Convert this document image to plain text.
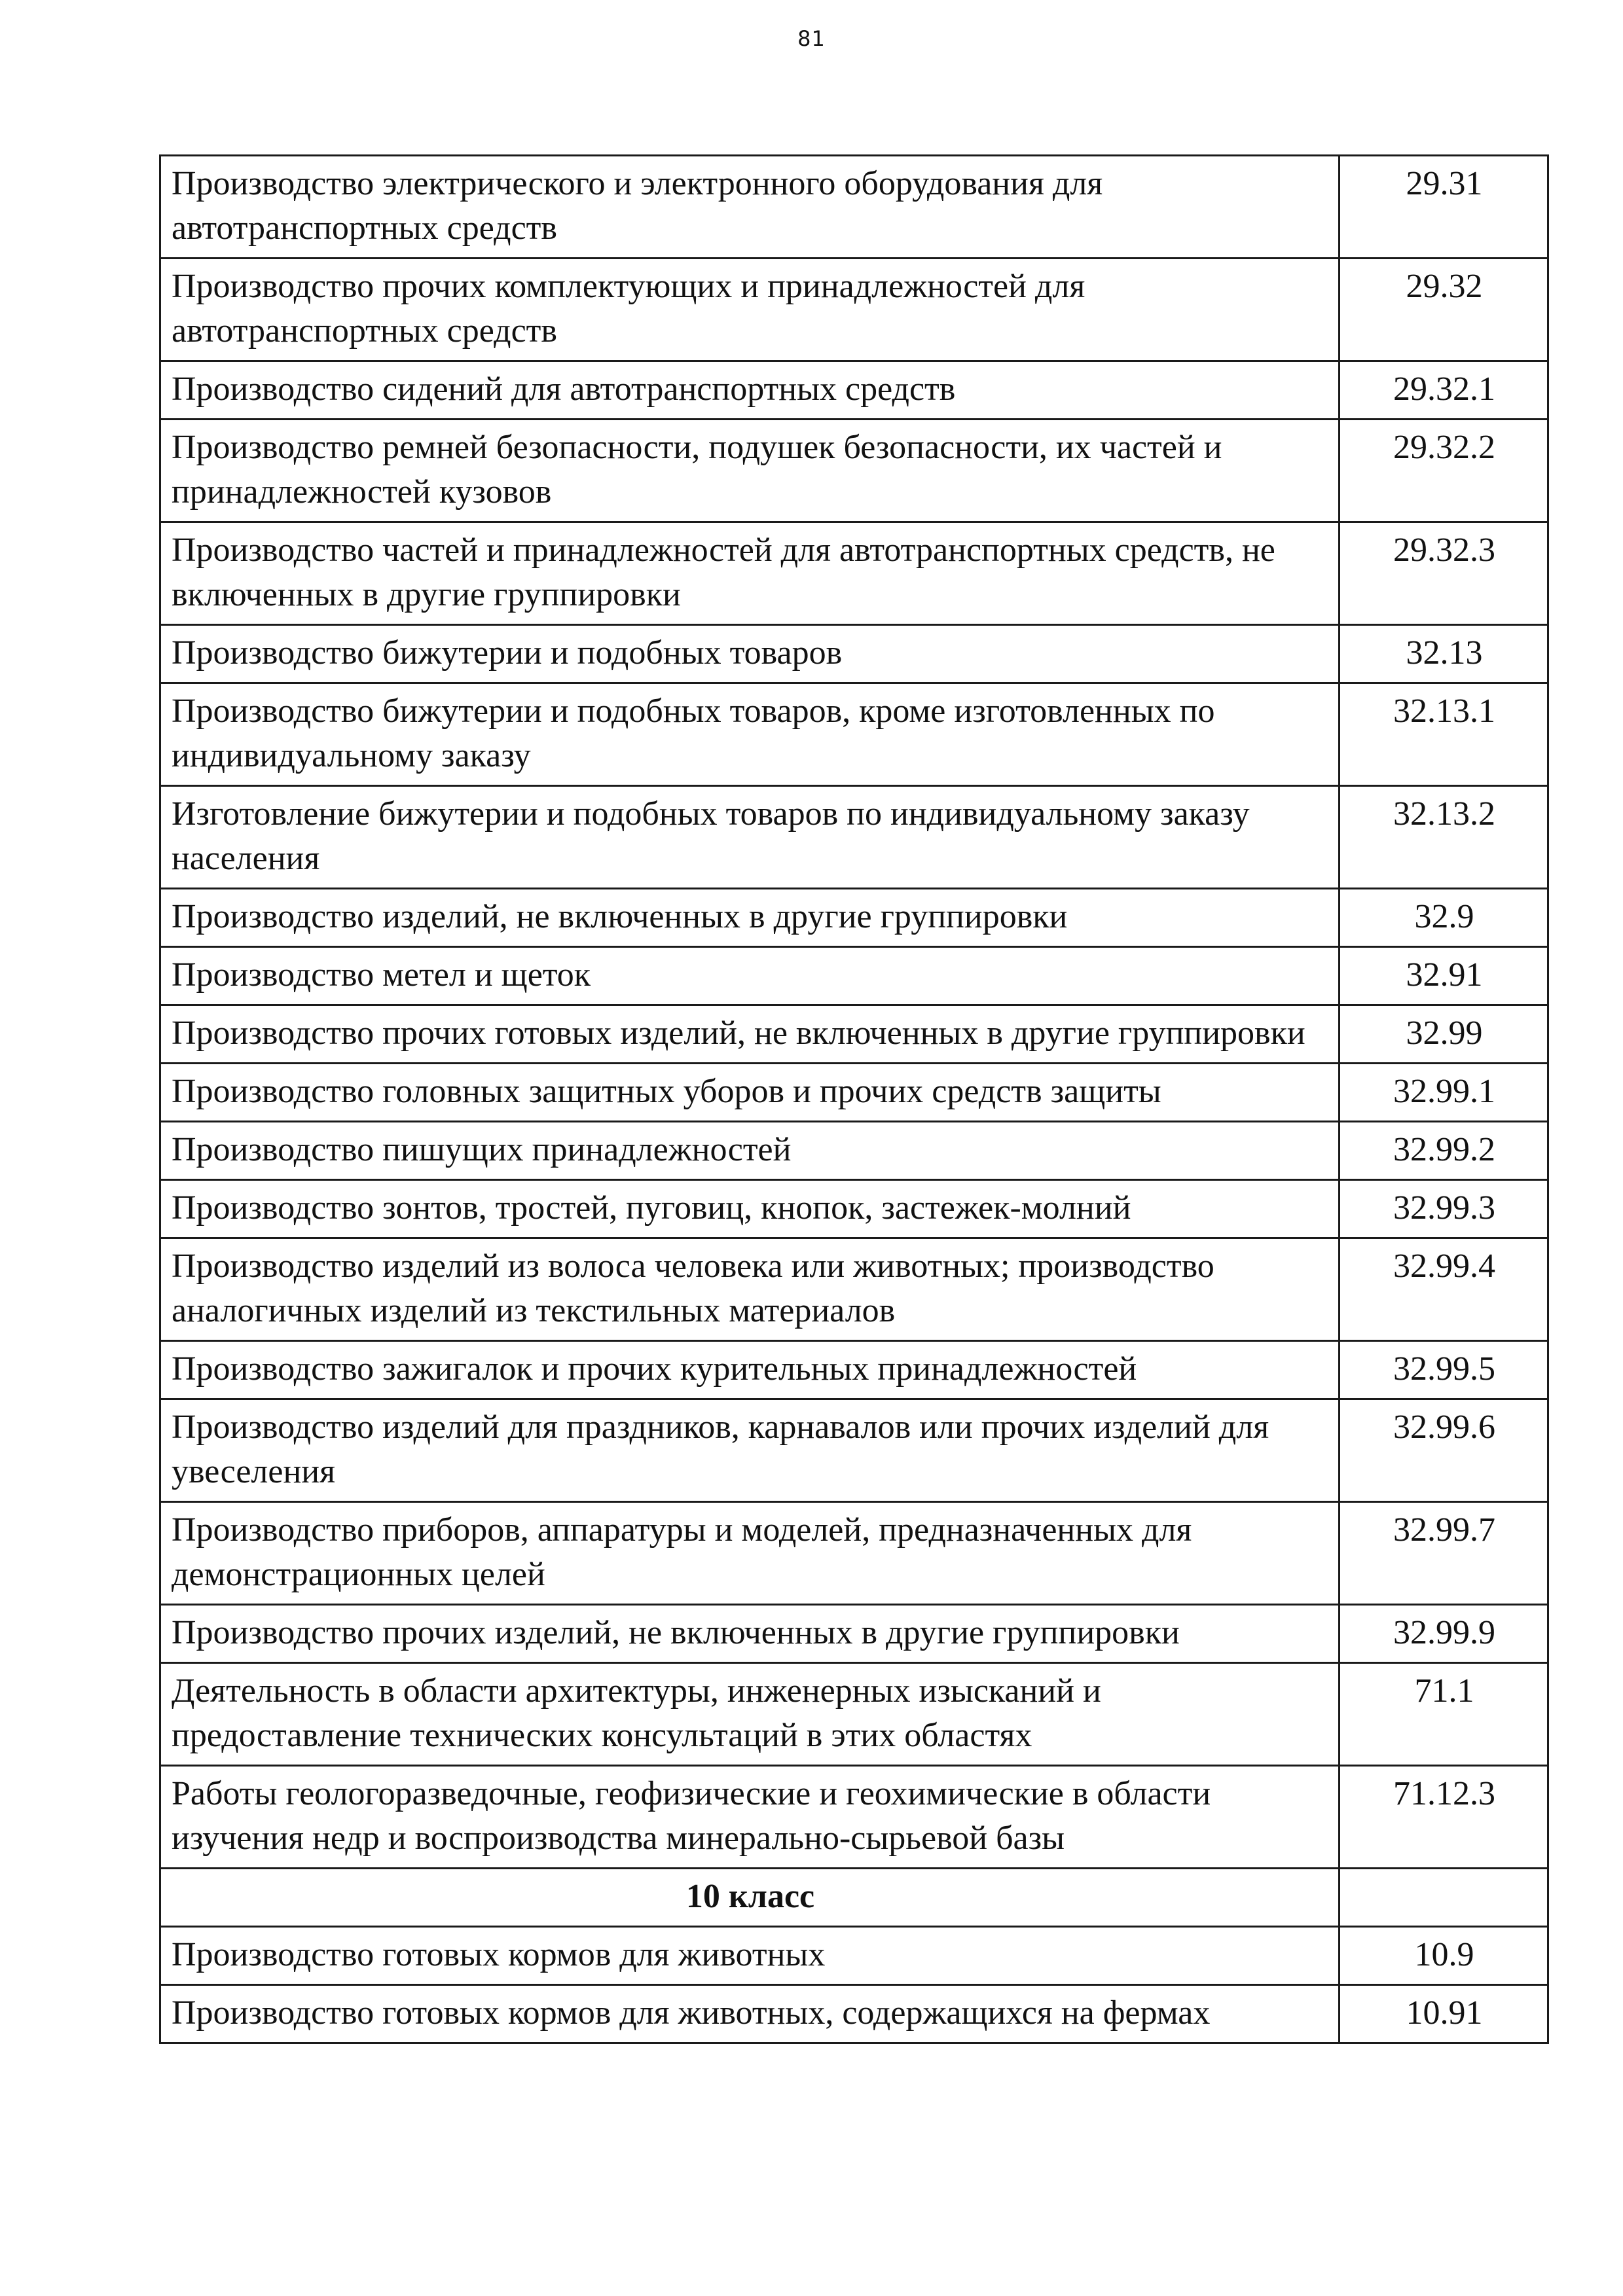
81
Производство электрического и электронного оборудования для автотранспортных средств	29.31
Производство прочих комплектующих и принадлежностей для автотранспортных средств	29.32
Производство сидений для автотранспортных средств	29.32.1
Производство ремней безопасности, подушек безопасности, их частей и принадлежностей кузовов	29.32.2
Производство частей и принадлежностей для автотранспортных средств, не включенных в другие группировки	29.32.3
Производство бижутерии и подобных товаров	32.13
Производство бижутерии и подобных товаров, кроме изготовленных по индивидуальному заказу	32.13.1
Изготовление бижутерии и подобных товаров по индивидуальному заказу населения	32.13.2
Производство изделий, не включенных в другие группировки	32.9
Производство метел и щеток	32.91
Производство прочих готовых изделий, не включенных в другие группировки	32.99
Производство головных защитных уборов и прочих средств защиты	32.99.1
Производство пишущих принадлежностей	32.99.2
Производство зонтов, тростей, пуговиц, кнопок, застежек-молний	32.99.3
Производство изделий из волоса человека или животных; производство аналогичных изделий из текстильных материалов	32.99.4
Производство зажигалок и прочих курительных принадлежностей	32.99.5
Производство изделий для праздников, карнавалов или прочих изделий для увеселения	32.99.6
Производство приборов, аппаратуры и моделей, предназначенных для демонстрационных целей	32.99.7
Производство прочих изделий, не включенных в другие группировки	32.99.9
Деятельность в области архитектуры, инженерных изысканий и предоставление технических консультаций в этих областях	71.1
Работы геологоразведочные, геофизические и геохимические в области изучения недр и воспроизводства минерально-сырьевой базы	71.12.3
10 класс	
Производство готовых кормов для животных	10.9
Производство готовых кормов для животных, содержащихся на фермах	10.91
